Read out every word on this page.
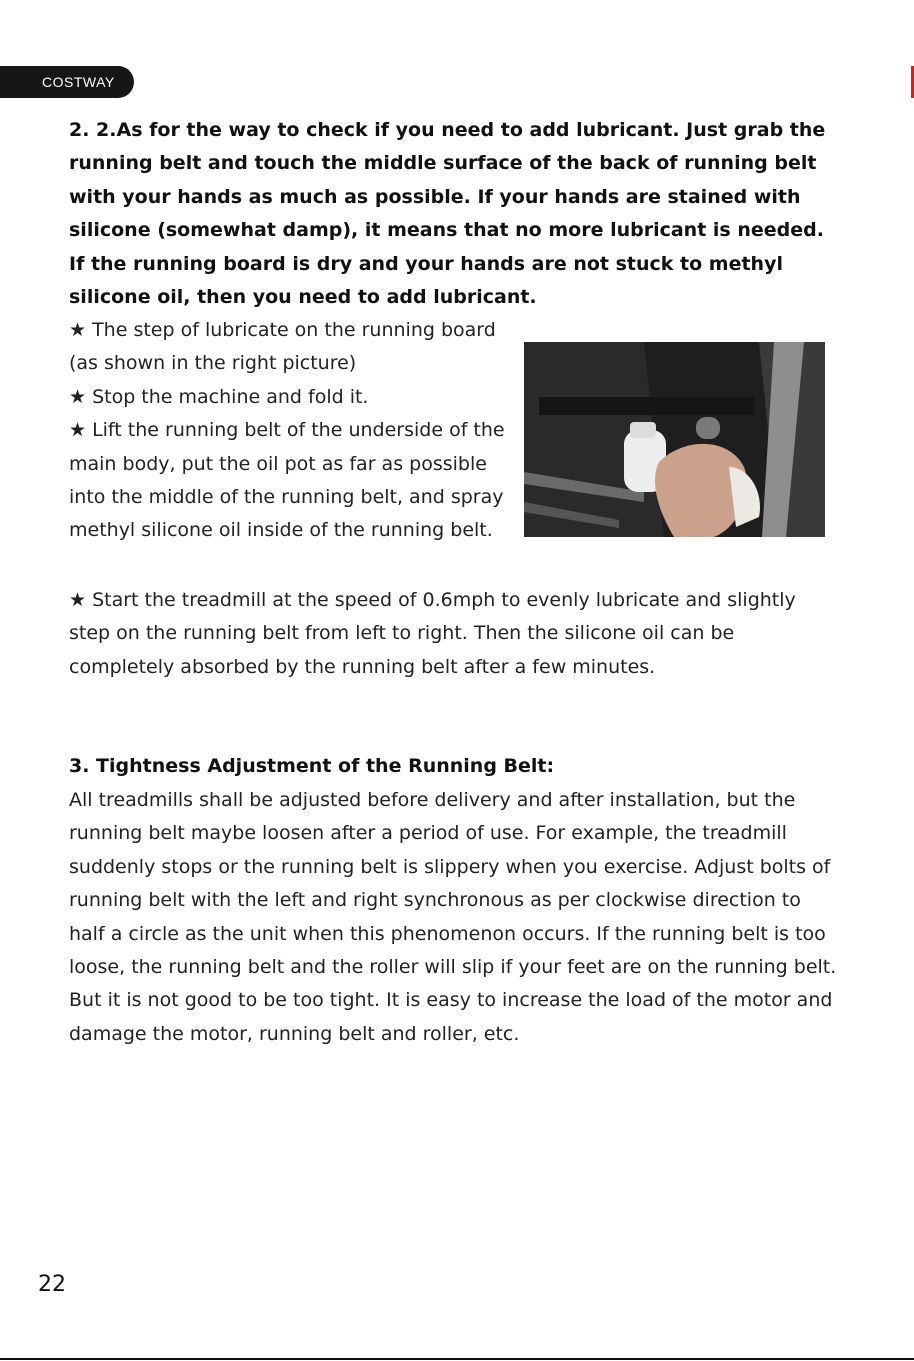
COSTWAY

2. 2.As for the way to check if you need to add lubricant. Just grab the running belt and touch the middle surface of the back of running belt with your hands as much as possible. If your hands are stained with silicone (somewhat damp), it means that no more lubricant is needed. If the running board is dry and your hands are not stuck to methyl silicone oil, then you need to add lubricant.

★ The step of lubricate on the running board (as shown in the right picture)
★ Stop the machine and fold it.
★ Lift the running belt of the underside of the main body, put the oil pot as far as possible into the middle of the running belt, and spray methyl silicone oil inside of the running belt.
★ Start the treadmill at the speed of 0.6mph to evenly lubricate and slightly step on the running belt from left to right. Then the silicone oil can be completely absorbed by the running belt after a few minutes.
3. Tightness Adjustment of the Running Belt:

All treadmills shall be adjusted before delivery and after installation, but the running belt maybe loosen after a period of use. For example, the treadmill suddenly stops or the running belt is slippery when you exercise. Adjust bolts of running belt with the left and right synchronous as per clockwise direction to half a circle as the unit when this phenomenon occurs. If the running belt is too loose, the running belt and the roller will slip if your feet are on the running belt. But it is not good to be too tight. It is easy to increase the load of the motor and damage the motor, running belt and roller, etc.

22
